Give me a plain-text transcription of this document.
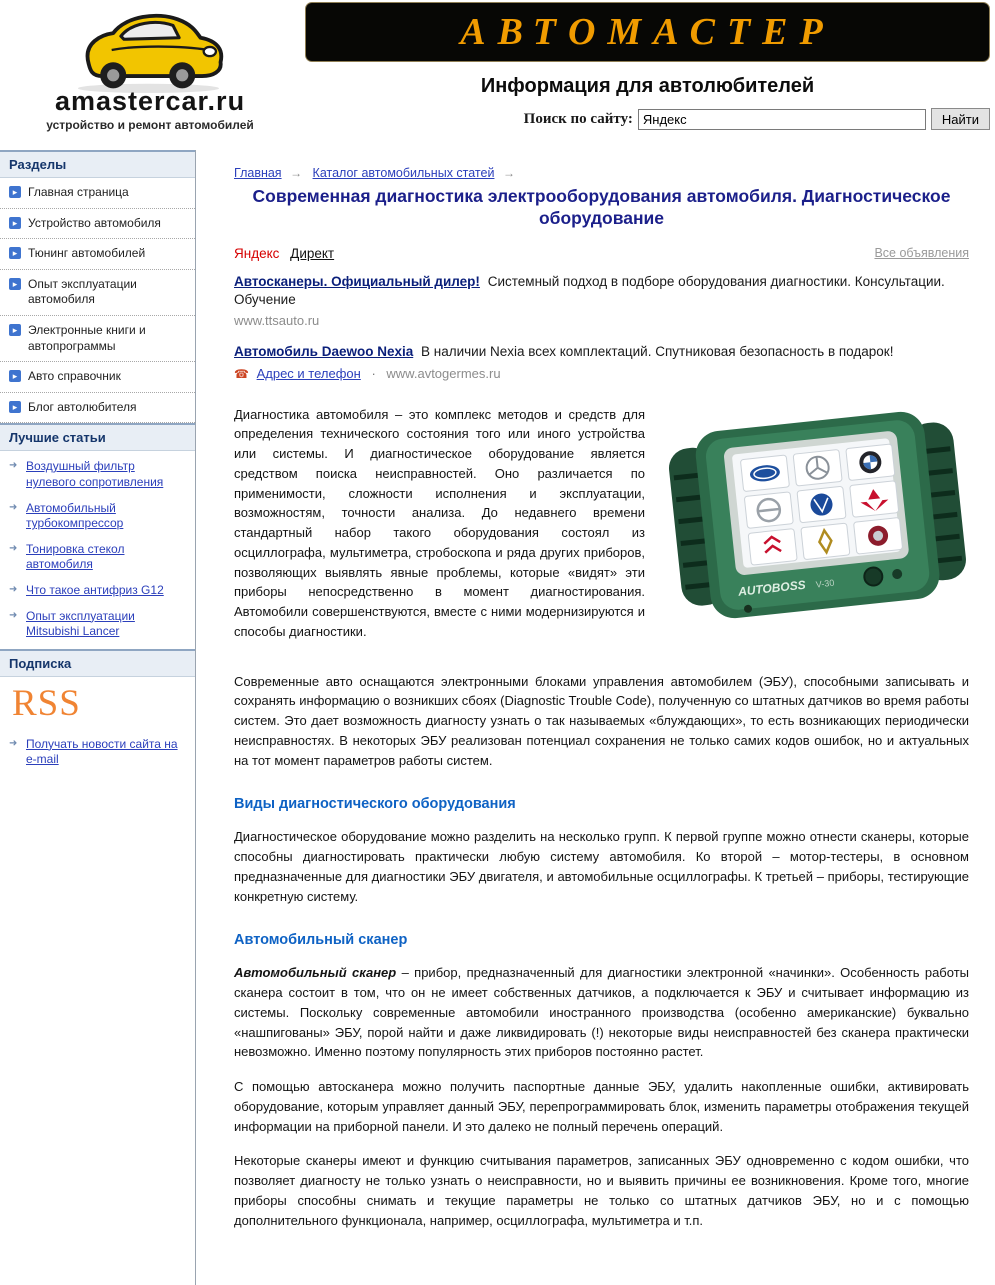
amastercar.ru
устройство и ремонт автомобилей
АВТОМАСТЕР
Информация для автолюбителей
Поиск по сайту:
Яндекс	Найти
Разделы
▸ Главная страница
▸ Устройство автомобиля
▸ Тюнинг автомобилей
▸ Опыт эксплуатации автомобиля
▸ Электронные книги и автопрограммы
▸ Авто справочник
▸ Блог автолюбителя
Лучшие статьи
➜ Воздушный фильтр нулевого сопротивления
➜ Автомобильный турбокомпрессор
➜ Тонировка стекол автомобиля
➜ Что такое антифриз G12
➜ Опыт эксплуатации Mitsubishi Lancer
Подписка
RSS
➜ Получать новости сайта на e-mail
Главная → Каталог автомобильных статей →
Современная диагностика электрооборудования автомобиля. Диагностическое оборудование
Яндекс Директ	Все объявления
Автосканеры. Официальный дилер! Системный подход в подборе оборудования диагностики. Консультации. Обучение
www.ttsauto.ru
Автомобиль Daewoo Nexia В наличии Nexia всех комплектаций. Спутниковая безопасность в подарок!
☎ Адрес и телефон · www.avtogermes.ru
AUTOBOSS V-30

Диагностика автомобиля – это комплекс методов и средств для определения технического состояния того или иного устройства или системы. И диагностическое оборудование является средством поиска неисправностей. Оно различается по применимости, сложности исполнения и эксплуатации, возможностям, точности анализа. До недавнего времени стандартный набор такого оборудования состоял из осциллографа, мультиметра, стробоскопа и ряда других приборов, позволяющих выявлять явные проблемы, которые «видят» эти приборы непосредственно в момент диагностирования. Автомобили совершенствуются, вместе с ними модернизируются и способы диагностики.

Современные авто оснащаются электронными блоками управления автомобилем (ЭБУ), способными записывать и сохранять информацию о возникших сбоях (Diagnostic Trouble Code), полученную со штатных датчиков во время работы систем. Это дает возможность диагносту узнать о так называемых «блуждающих», то есть возникающих периодически неисправностях. В некоторых ЭБУ реализован потенциал сохранения не только самих кодов ошибок, но и актуальных на тот момент параметров работы систем.

Виды диагностического оборудования

Диагностическое оборудование можно разделить на несколько групп. К первой группе можно отнести сканеры, которые способны диагностировать практически любую систему автомобиля. Ко второй – мотор-тестеры, в основном предназначенные для диагностики ЭБУ двигателя, и автомобильные осциллографы. К третьей – приборы, тестирующие конкретную систему.

Автомобильный сканер

Автомобильный сканер – прибор, предназначенный для диагностики электронной «начинки». Особенность работы сканера состоит в том, что он не имеет собственных датчиков, а подключается к ЭБУ и считывает информацию из системы. Поскольку современные автомобили иностранного производства (особенно американские) буквально «нашпигованы» ЭБУ, порой найти и даже ликвидировать (!) некоторые виды неисправностей без сканера практически невозможно. Именно поэтому популярность этих приборов постоянно растет.

С помощью автосканера можно получить паспортные данные ЭБУ, удалить накопленные ошибки, активировать оборудование, которым управляет данный ЭБУ, перепрограммировать блок, изменить параметры отображения текущей информации на приборной панели. И это далеко не полный перечень операций.

Некоторые сканеры имеют и функцию считывания параметров, записанных ЭБУ одновременно с кодом ошибки, что позволяет диагносту не только узнать о неисправности, но и выявить причины ее возникновения. Кроме того, многие приборы способны снимать и текущие параметры не только со штатных датчиков ЭБУ, но и с помощью дополнительного функционала, например, осциллографа, мультиметра и т.п.
